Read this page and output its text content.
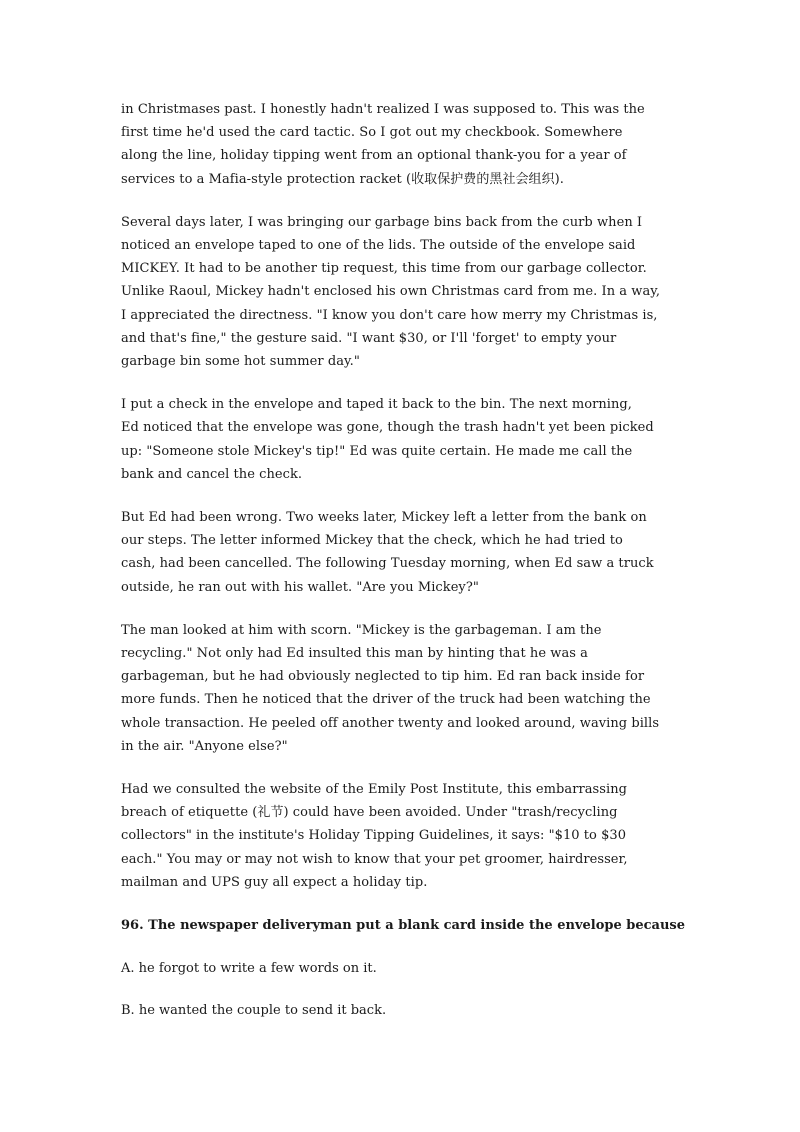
in Christmases past. I honestly hadn't realized I was supposed to. This was the
first time he'd used the card tactic. So I got out my checkbook. Somewhere
along the line, holiday tipping went from an optional thank-you for a year of
services to a Mafia-style protection racket (收取保护费的黑社会组织).

Several days later, I was bringing our garbage bins back from the curb when I
noticed an envelope taped to one of the lids. The outside of the envelope said
MICKEY. It had to be another tip request, this time from our garbage collector.
Unlike Raoul, Mickey hadn't enclosed his own Christmas card from me. In a way,
I appreciated the directness. "I know you don't care how merry my Christmas is,
and that's fine," the gesture said. "I want $30, or I'll 'forget' to empty your
garbage bin some hot summer day."

I put a check in the envelope and taped it back to the bin. The next morning,
Ed noticed that the envelope was gone, though the trash hadn't yet been picked
up: "Someone stole Mickey's tip!" Ed was quite certain. He made me call the
bank and cancel the check.

But Ed had been wrong. Two weeks later, Mickey left a letter from the bank on
our steps. The letter informed Mickey that the check, which he had tried to
cash, had been cancelled. The following Tuesday morning, when Ed saw a truck
outside, he ran out with his wallet. "Are you Mickey?"

The man looked at him with scorn. "Mickey is the garbageman. I am the
recycling." Not only had Ed insulted this man by hinting that he was a
garbageman, but he had obviously neglected to tip him. Ed ran back inside for
more funds. Then he noticed that the driver of the truck had been watching the
whole transaction. He peeled off another twenty and looked around, waving bills
in the air. "Anyone else?"

Had we consulted the website of the Emily Post Institute, this embarrassing
breach of etiquette (礼节) could have been avoided. Under "trash/recycling
collectors" in the institute's Holiday Tipping Guidelines, it says: "$10 to $30
each." You may or may not wish to know that your pet groomer, hairdresser,
mailman and UPS guy all expect a holiday tip.

96. The newspaper deliveryman put a blank card inside the envelope because

A. he forgot to write a few words on it.

B. he wanted the couple to send it back.
